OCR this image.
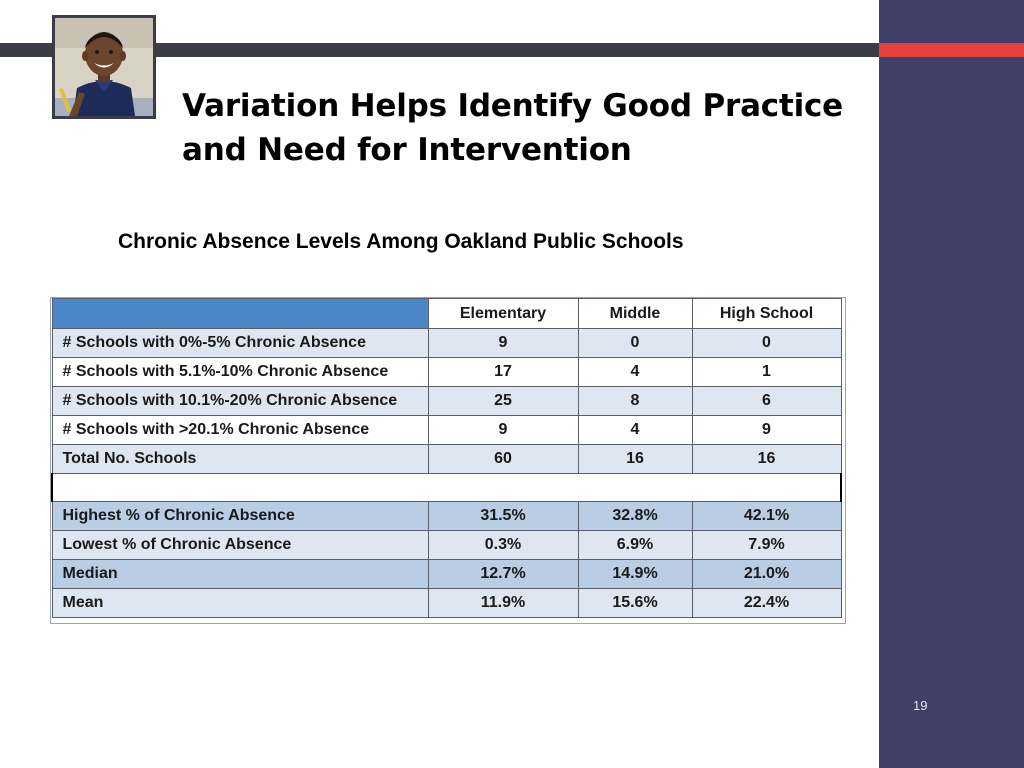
Variation Helps Identify Good Practice
and Need for Intervention
Chronic Absence Levels Among Oakland Public Schools
	Elementary	Middle	High School
# Schools with 0%-5% Chronic Absence	9	0	0
# Schools with 5.1%-10% Chronic Absence	17	4	1
# Schools with 10.1%-20% Chronic Absence	25	8	6
# Schools with >20.1% Chronic Absence	9	4	9
Total No. Schools	60	16	16

Highest % of Chronic Absence	31.5%	32.8%	42.1%
Lowest % of Chronic Absence	0.3%	6.9%	7.9%
Median	12.7%	14.9%	21.0%
Mean	11.9%	15.6%	22.4%
19
